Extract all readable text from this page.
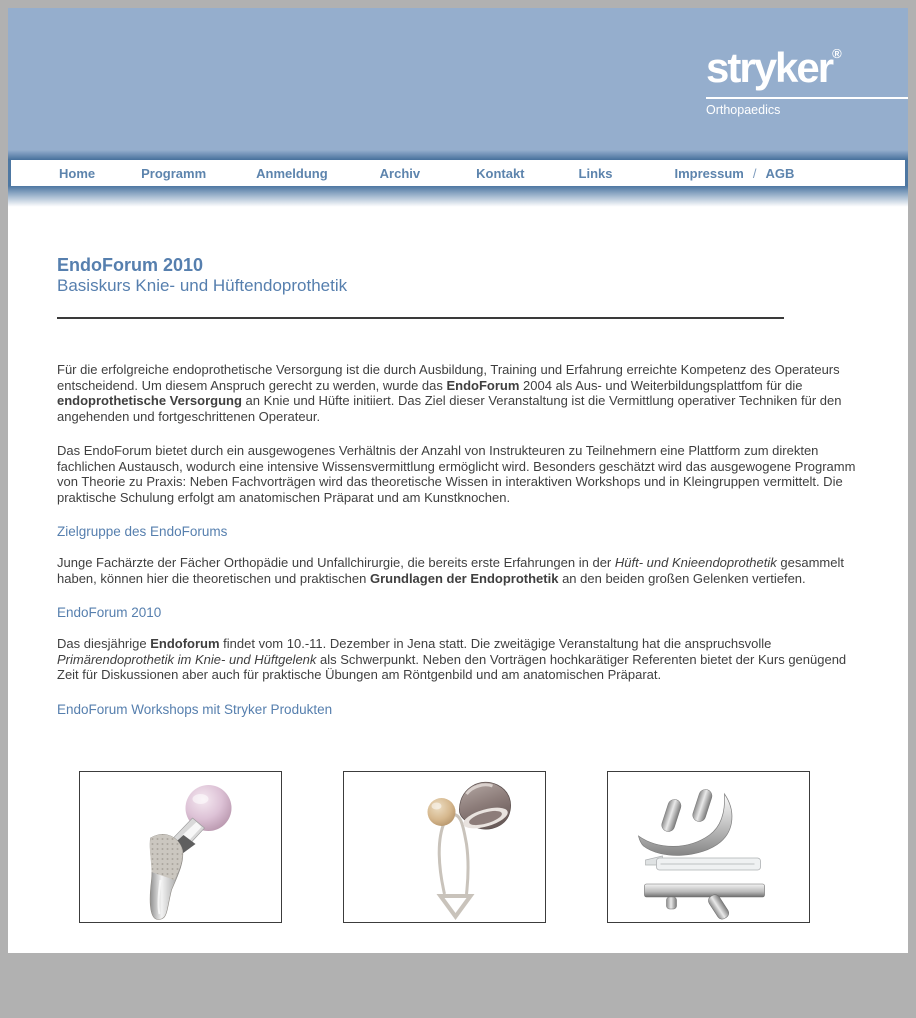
stryker®
Orthopaedics
Home	Programm	Anmeldung	Archiv	Kontakt	Links	Impressum / AGB
EndoForum 2010
Basiskurs Knie- und Hüftendoprothetik

Für die erfolgreiche endoprothetische Versorgung ist die durch Ausbildung, Training und Erfahrung erreichte Kompetenz des Operateurs entscheidend. Um diesem Anspruch gerecht zu werden, wurde das EndoForum 2004 als Aus- und Weiterbildungsplattfom für die endoprothetische Versorgung an Knie und Hüfte initiiert. Das Ziel dieser Veranstaltung ist die Vermittlung operativer Techniken für den angehenden und fortgeschrittenen Operateur.

Das EndoForum bietet durch ein ausgewogenes Verhältnis der Anzahl von Instrukteuren zu Teilnehmern eine Plattform zum direkten fachlichen Austausch, wodurch eine intensive Wissensvermittlung ermöglicht wird. Besonders geschätzt wird das ausgewogene Programm von Theorie zu Praxis: Neben Fachvorträgen wird das theoretische Wissen in interaktiven Workshops und in Kleingruppen vermittelt. Die praktische Schulung erfolgt am anatomischen Präparat und am Kunstknochen.

Zielgruppe des EndoForums

Junge Fachärzte der Fächer Orthopädie und Unfallchirurgie, die bereits erste Erfahrungen in der Hüft- und Knieendoprothetik gesammelt haben, können hier die theoretischen und praktischen Grundlagen der Endoprothetik an den beiden großen Gelenken vertiefen.

EndoForum 2010

Das diesjährige Endoforum findet vom 10.-11. Dezember in Jena statt. Die zweitägige Veranstaltung hat die anspruchsvolle Primärendoprothetik im Knie- und Hüftgelenk als Schwerpunkt. Neben den Vorträgen hochkarätiger Referenten bietet der Kurs genügend Zeit für Diskussionen aber auch für praktische Übungen am Röntgenbild und am anatomischen Präparat.

EndoForum Workshops mit Stryker Produkten
